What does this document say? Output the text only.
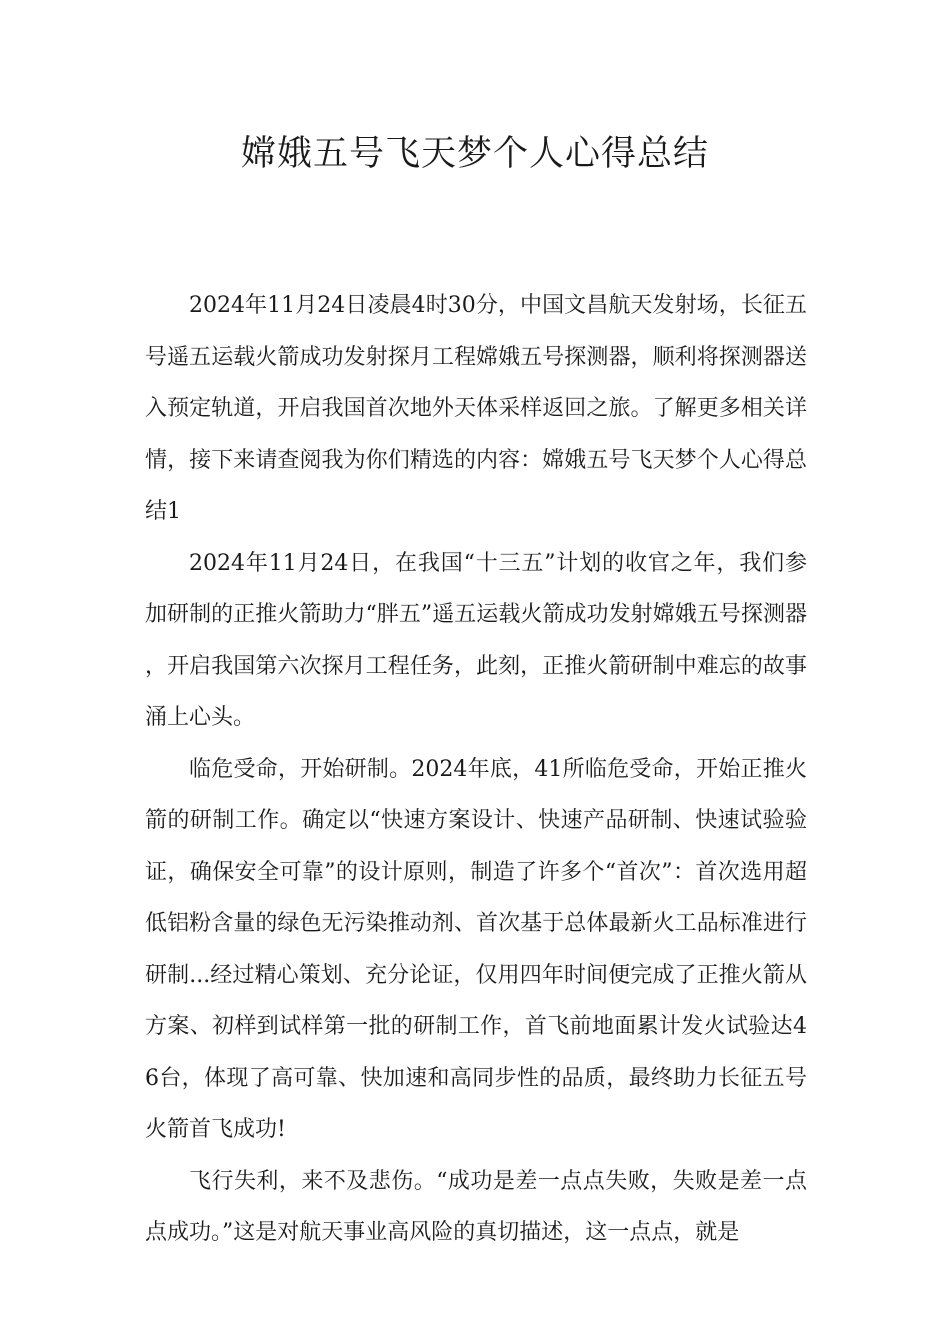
嫦娥五号飞天梦个人心得总结

2024年11月24日凌晨4时30分，中国文昌航天发射场，长征五号遥五运载火箭成功发射探月工程嫦娥五号探测器，顺利将探测器送入预定轨道，开启我国首次地外天体采样返回之旅。了解更多相关详情，接下来请查阅我为你们精选的内容：嫦娥五号飞天梦个人心得总结1

2024年11月24日，在我国“十三五”计划的收官之年，我们参加研制的正推火箭助力“胖五”遥五运载火箭成功发射嫦娥五号探测器，开启我国第六次探月工程任务，此刻，正推火箭研制中难忘的故事涌上心头。

临危受命，开始研制。2024年底，41所临危受命，开始正推火箭的研制工作。确定以“快速方案设计、快速产品研制、快速试验验证，确保安全可靠”的设计原则，制造了许多个“首次”：首次选用超低铝粉含量的绿色无污染推动剂、首次基于总体最新火工品标准进行研制...经过精心策划、充分论证，仅用四年时间便完成了正推火箭从方案、初样到试样第一批的研制工作，首飞前地面累计发火试验达46台，体现了高可靠、快加速和高同步性的品质，最终助力长征五号火箭首飞成功!

飞行失利，来不及悲伤。“成功是差一点点失败，失败是差一点点成功。”这是对航天事业高风险的真切描述，这一点点，就是
